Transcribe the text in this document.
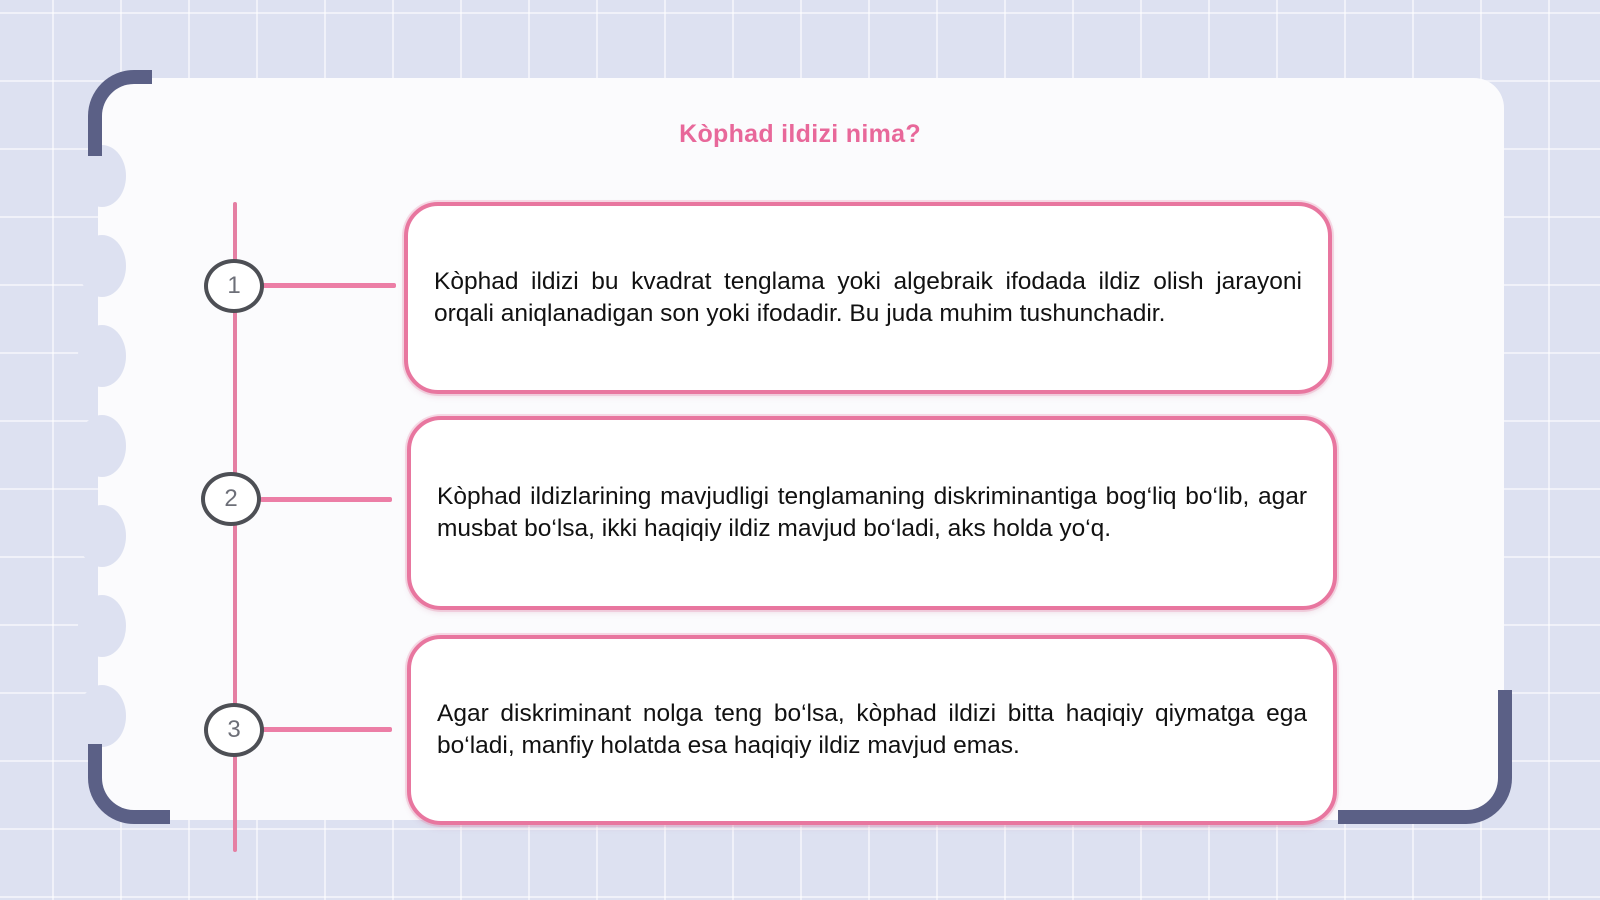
Kòphad ildizi nima?
1	Kòphad ildizi bu kvadrat tenglama yoki algebraik ifodada ildiz olish jarayoni orqali aniqlanadigan son yoki ifodadir. Bu juda muhim tushunchadir.
2	Kòphad ildizlarining mavjudligi tenglamaning diskriminantiga bog‘liq bo‘lib, agar musbat bo‘lsa, ikki haqiqiy ildiz mavjud bo‘ladi, aks holda yo‘q.
3
Agar diskriminant nolga teng bo‘lsa, kòphad ildizi bitta haqiqiy qiymatga ega bo‘ladi, manfiy holatda esa haqiqiy ildiz mavjud emas.
